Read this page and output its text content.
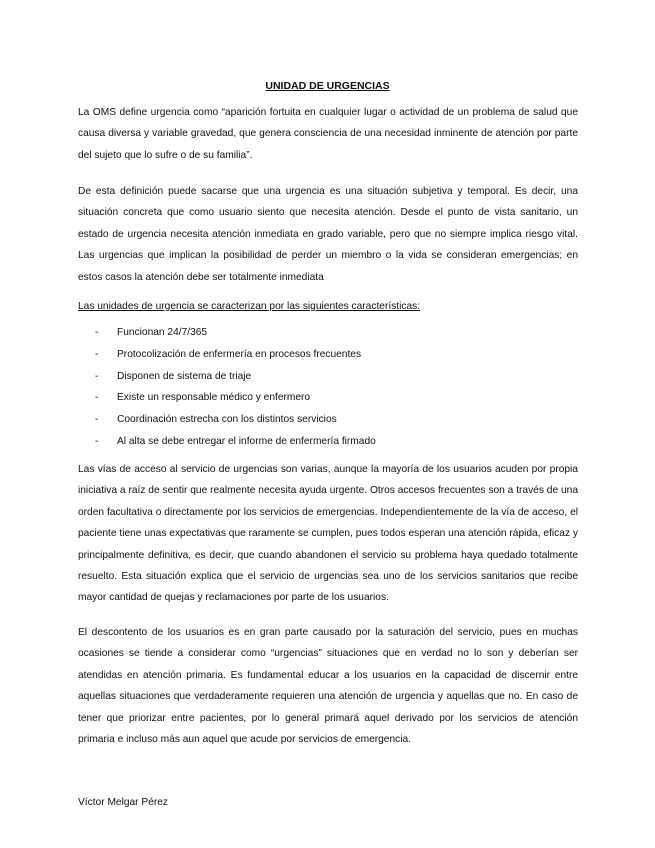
UNIDAD DE URGENCIAS

La OMS define urgencia como “aparición fortuita en cualquier lugar o actividad de un problema de salud que causa diversa y variable gravedad, que genera consciencia de una necesidad inminente de atención por parte del sujeto que lo sufre o de su familia”.

De esta definición puede sacarse que una urgencia es una situación subjetiva y temporal. Es decir, una situación concreta que como usuario siento que necesita atención. Desde el punto de vista sanitario, un estado de urgencia necesita atención inmediata en grado variable, pero que no siempre implica riesgo vital. Las urgencias que implican la posibilidad de perder un miembro o la vida se consideran emergencias; en estos casos la atención debe ser totalmente inmediata

Las unidades de urgencia se caracterizan por las siguientes características:
- Funcionan 24/7/365
- Protocolización de enfermería en procesos frecuentes
- Disponen de sistema de triaje
- Existe un responsable médico y enfermero
- Coordinación estrecha con los distintos servicios
- Al alta se debe entregar el informe de enfermería firmado

Las vías de acceso al servicio de urgencias son varias, aunque la mayoría de los usuarios acuden por propia iniciativa a raíz de sentir que realmente necesita ayuda urgente. Otros accesos frecuentes son a través de una orden facultativa o directamente por los servicios de emergencias. Independientemente de la vía de acceso, el paciente tiene unas expectativas que raramente se cumplen, pues todos esperan una atención rápida, eficaz y principalmente definitiva, es decir, que cuando abandonen el servicio su problema haya quedado totalmente resuelto. Esta situación explica que el servicio de urgencias sea uno de los servicios sanitarios que recibe mayor cantidad de quejas y reclamaciones por parte de los usuarios.

El descontento de los usuarios es en gran parte causado por la saturación del servicio, pues en muchas ocasiones se tiende a considerar como “urgencias” situaciones que en verdad no lo son y deberían ser atendidas en atención primaria. Es fundamental educar a los usuarios en la capacidad de discernir entre aquellas situaciones que verdaderamente requieren una atención de urgencia y aquellas que no. En caso de tener que priorizar entre pacientes, por lo general primará aquel derivado por los servicios de atención primaria e incluso más aun aquel que acude por servicios de emergencia.

Víctor Melgar Pérez
